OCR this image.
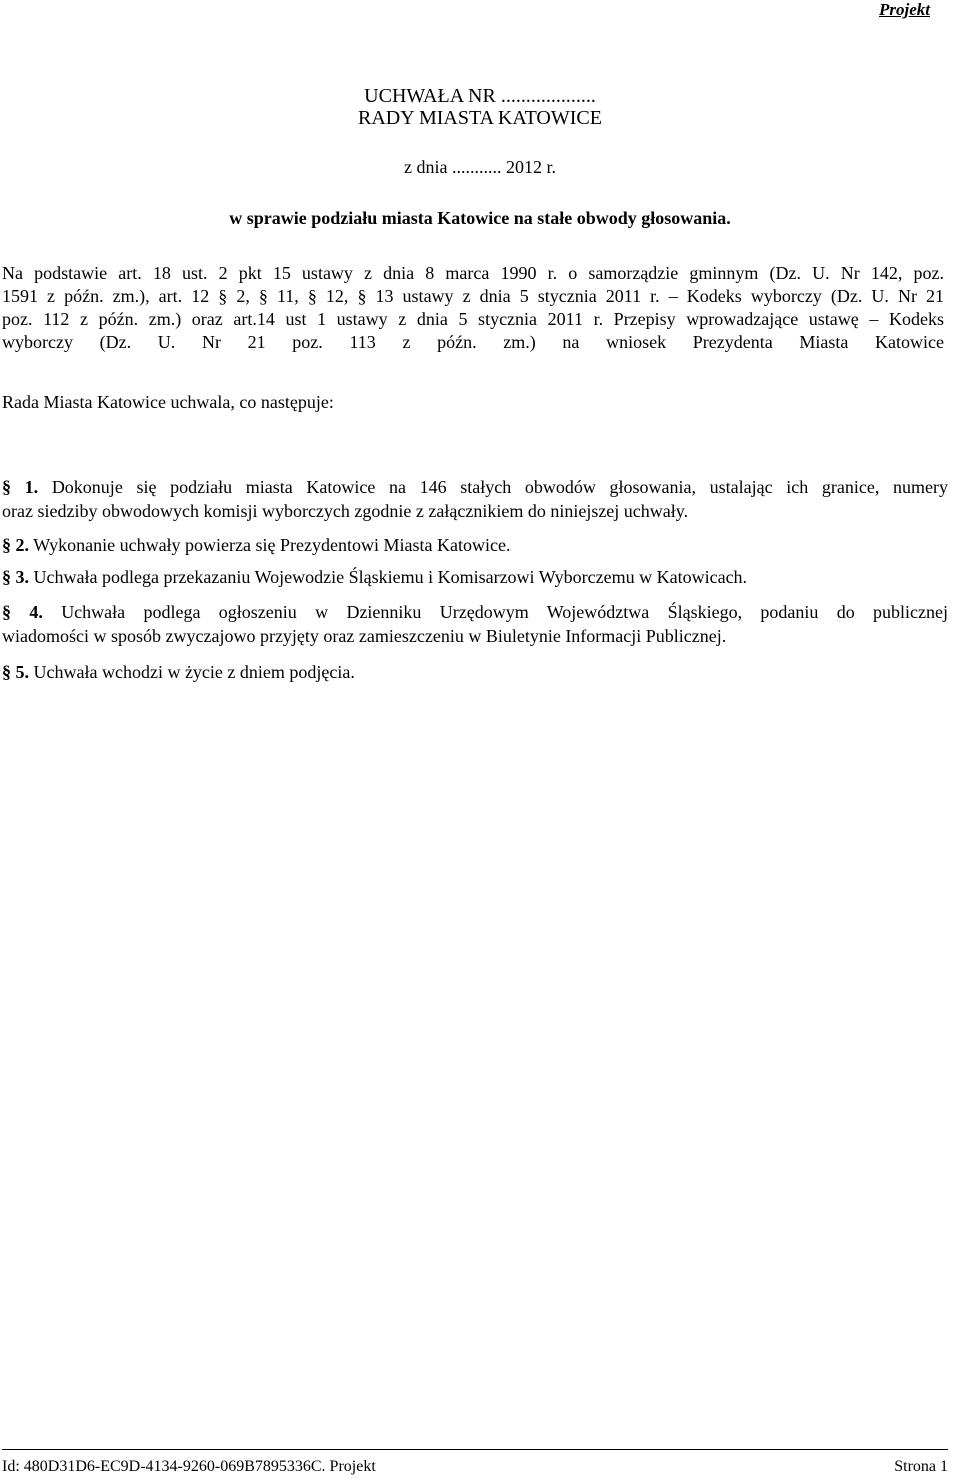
Projekt
UCHWAŁA NR ...................
RADY MIASTA KATOWICE
z dnia ........... 2012 r.
w sprawie podziału miasta Katowice na stałe obwody głosowania.
Na podstawie art. 18 ust. 2 pkt 15 ustawy z dnia 8 marca 1990 r. o samorządzie gminnym (Dz. U. Nr 142, poz.
1591 z późn. zm.), art. 12 § 2, § 11, § 12, § 13 ustawy z dnia 5 stycznia 2011 r. – Kodeks wyborczy (Dz. U. Nr 21
poz. 112 z późn. zm.) oraz art.14 ust 1 ustawy z dnia 5 stycznia 2011 r. Przepisy wprowadzające ustawę – Kodeks
wyborczy (Dz. U. Nr 21 poz. 113 z późn. zm.) na wniosek Prezydenta Miasta Katowice
Rada Miasta Katowice uchwala, co następuje:
§ 1. Dokonuje się podziału miasta Katowice na 146 stałych obwodów głosowania, ustalając ich granice, numery
oraz siedziby obwodowych komisji wyborczych zgodnie z załącznikiem do niniejszej uchwały.
§ 2. Wykonanie uchwały powierza się Prezydentowi Miasta Katowice.
§ 3. Uchwała podlega przekazaniu Wojewodzie Śląskiemu i Komisarzowi Wyborczemu w Katowicach.
§ 4. Uchwała podlega ogłoszeniu w Dzienniku Urzędowym Województwa Śląskiego, podaniu do publicznej
wiadomości w sposób zwyczajowo przyjęty oraz zamieszczeniu w Biuletynie Informacji Publicznej.
§ 5. Uchwała wchodzi w życie z dniem podjęcia.
Id: 480D31D6-EC9D-4134-9260-069B7895336C. Projekt	Strona 1
